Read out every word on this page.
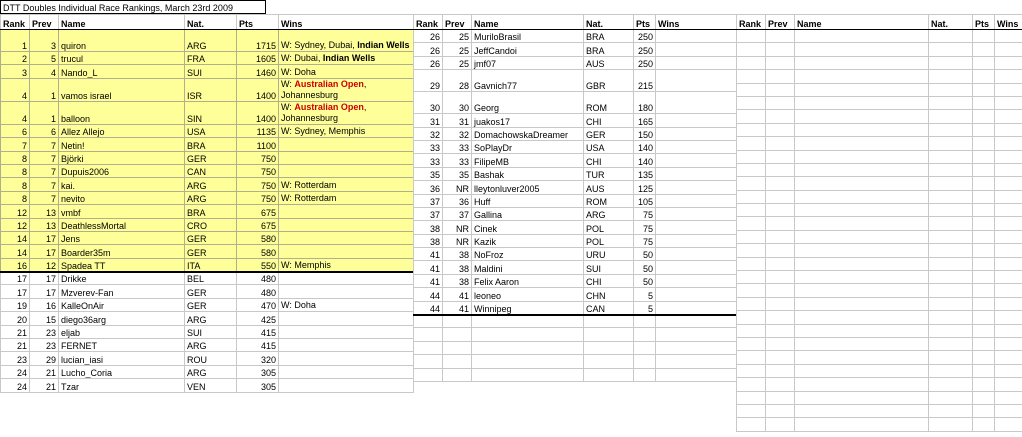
DTT Doubles Individual Race Rankings, March 23rd 2009
Rank	Prev	Name	Nat.	Pts	Wins
1	3	quiron	ARG	1715	W: Sydney, Dubai, Indian Wells
2	5	trucul	FRA	1605	W: Dubai, Indian Wells
3	4	Nando_L	SUI	1460	W: Doha
4	1	vamos israel	ISR	1400	W: Australian Open, Johannesburg
4	1	balloon	SIN	1400	W: Australian Open, Johannesburg
6	6	Allez Allejo	USA	1135	W: Sydney, Memphis
7	7	Netin!	BRA	1100	
8	7	Björki	GER	750	
8	7	Dupuis2006	CAN	750	
8	7	kai.	ARG	750	W: Rotterdam
8	7	nevito	ARG	750	W: Rotterdam
12	13	vmbf	BRA	675	
12	13	DeathlessMortal	CRO	675	
14	17	Jens	GER	580	
14	17	Boarder35m	GER	580	
16	12	Spadea TT	ITA	550	W: Memphis
17	17	Drikke	BEL	480	
17	17	Mzverev-Fan	GER	480	
19	16	KalleOnAir	GER	470	W: Doha
20	15	diego36arg	ARG	425	
21	23	eljab	SUI	415	
21	23	FERNET	ARG	415	
23	29	lucian_iasi	ROU	320	
24	21	Lucho_Coria	ARG	305	
24	21	Tzar	VEN	305	
Rank	Prev	Name	Nat.	Pts	Wins
26	25	MuriloBrasil	BRA	250	
26	25	JeffCandoi	BRA	250	
26	25	jmf07	AUS	250	
29	28	Gavnich77	GBR	215	
30	30	Georg	ROM	180	
31	31	juakos17	CHI	165	
32	32	DomachowskaDreamer	GER	150	
33	33	SoPlayDr	USA	140	
33	33	FilipeMB	CHI	140	
35	35	Bashak	TUR	135	
36	NR	lleytonluver2005	AUS	125	
37	36	Huff	ROM	105	
37	37	Gallina	ARG	75	
38	NR	Cinek	POL	75	
38	NR	Kazik	POL	75	
41	38	NoFroz	URU	50	
41	38	Maldini	SUI	50	
41	38	Felix Aaron	CHI	50	
44	41	leoneo	CHN	5	
44	41	Winnipeg	CAN	5	

Rank	Prev	Name	Nat.	Pts	Wins
